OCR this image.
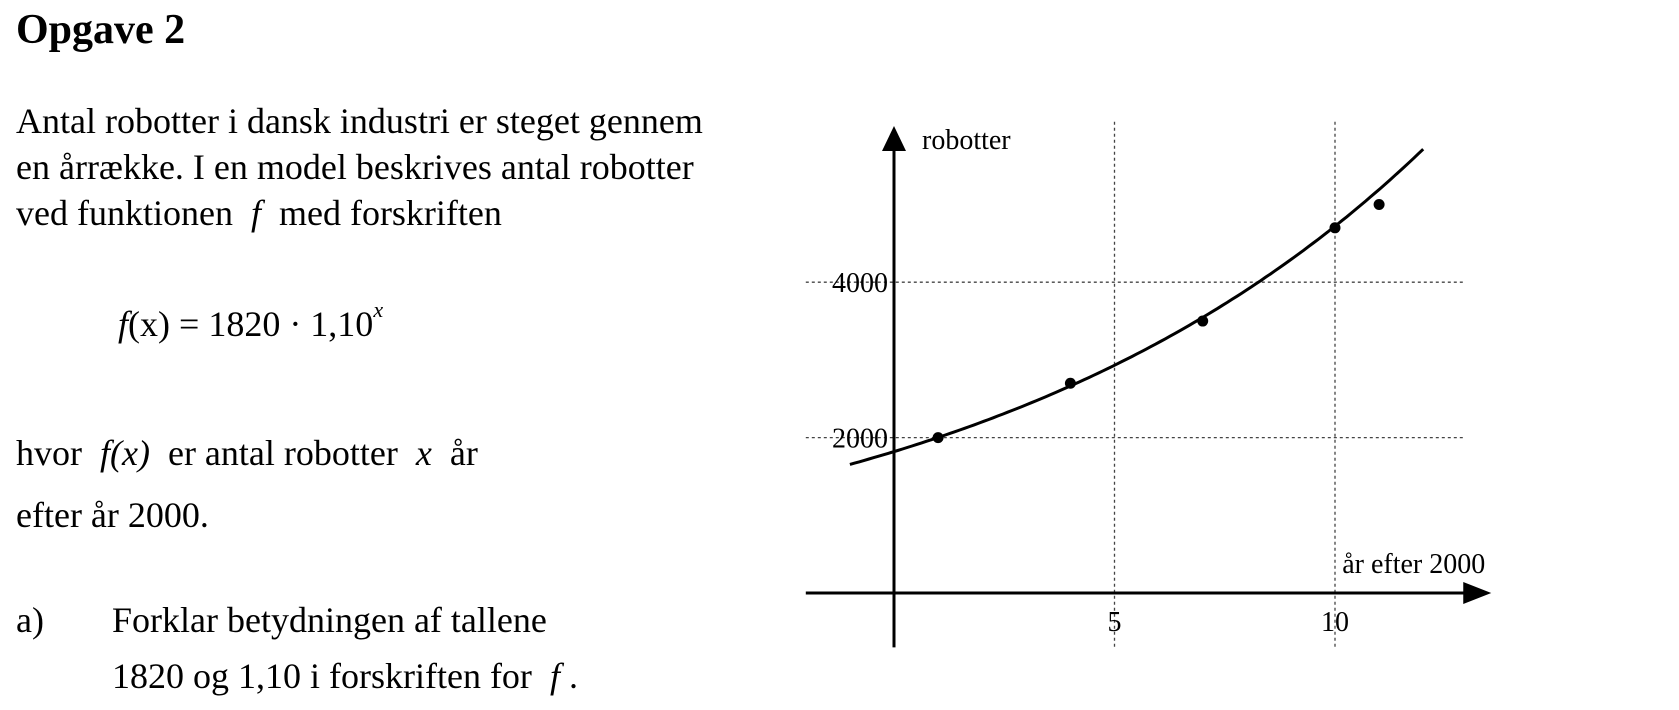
Opgave 2
Antal robotter i dansk industri er steget gennem
en årrække. I en model beskrives antal robotter
ved funktionen f med forskriften
$f(x) = 1820 \cdot 1,10^x$
hvor f(x) er antal robotter x år
efter år 2000.
a) Forklar betydningen af tallene
1820 og 1,10 i forskriften for f .
5	10
2000
4000
robotter
år efter 2000
